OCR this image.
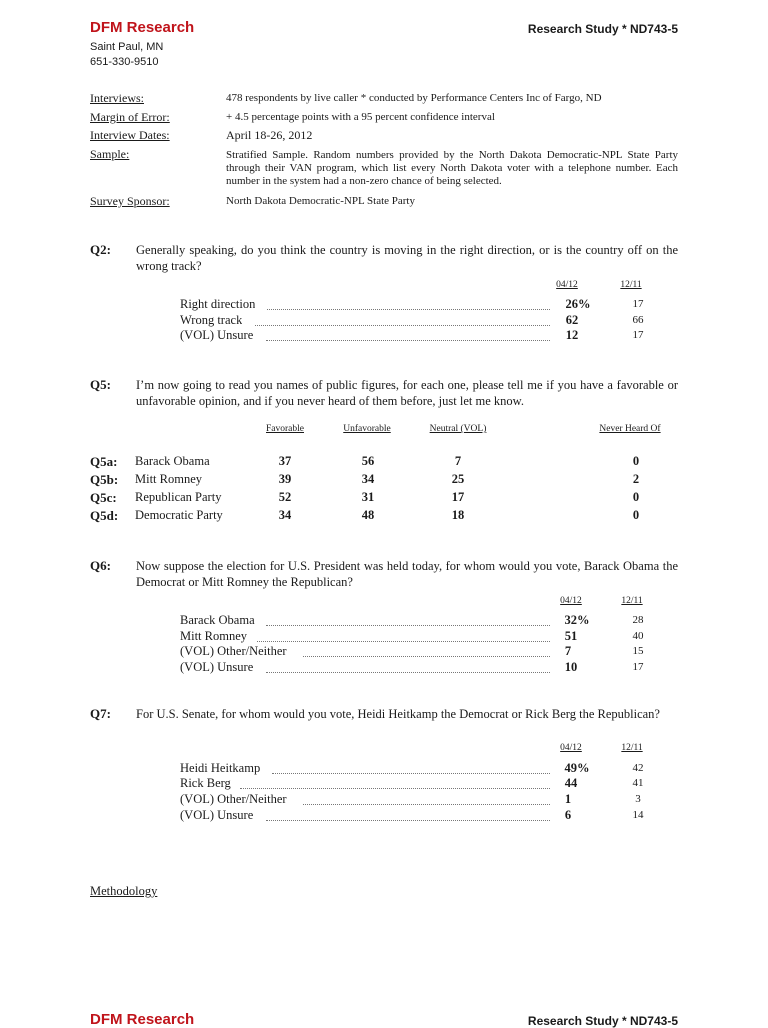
DFM Research	Research Study * ND743-5
Saint Paul, MN
651-330-9510
Interviews:	478 respondents by live caller * conducted by Performance Centers Inc of Fargo, ND
Margin of Error:	+ 4.5 percentage points with a 95 percent confidence interval
Interview Dates:	April 18-26, 2012
Sample:	Stratified Sample. Random numbers provided by the North Dakota Democratic-NPL State Party through their VAN program, which list every North Dakota voter with a telephone number. Each number in the system had a non-zero chance of being selected.
Survey Sponsor:	North Dakota Democratic-NPL State Party
Q2: Generally speaking, do you think the country is moving in the right direction, or is the country off on the wrong track?
04/12	12/11
Right direction	26%	17
Wrong track	62	66
(VOL) Unsure	12	17
Q5: I’m now going to read you names of public figures, for each one, please tell me if you have a favorable or unfavorable opinion, and if you never heard of them before, just let me know.
Favorable	Unfavorable	Neutral (VOL)	Never Heard Of
Q5a: Barack Obama	37	56	7	0
Q5b: Mitt Romney	39	34	25	2
Q5c: Republican Party	52	31	17	0
Q5d: Democratic Party	34	48	18	0
Q6: Now suppose the election for U.S. President was held today, for whom would you vote, Barack Obama the Democrat or Mitt Romney the Republican?
04/12	12/11
Barack Obama	32%	28
Mitt Romney	51	40
(VOL) Other/Neither	7	15
(VOL) Unsure	10	17
Q7: For U.S. Senate, for whom would you vote, Heidi Heitkamp the Democrat or Rick Berg the Republican?
04/12	12/11
Heidi Heitkamp	49%	42
Rick Berg	44	41
(VOL) Other/Neither	1	3
(VOL) Unsure	6	14
Methodology
DFM Research	Research Study * ND743-5
